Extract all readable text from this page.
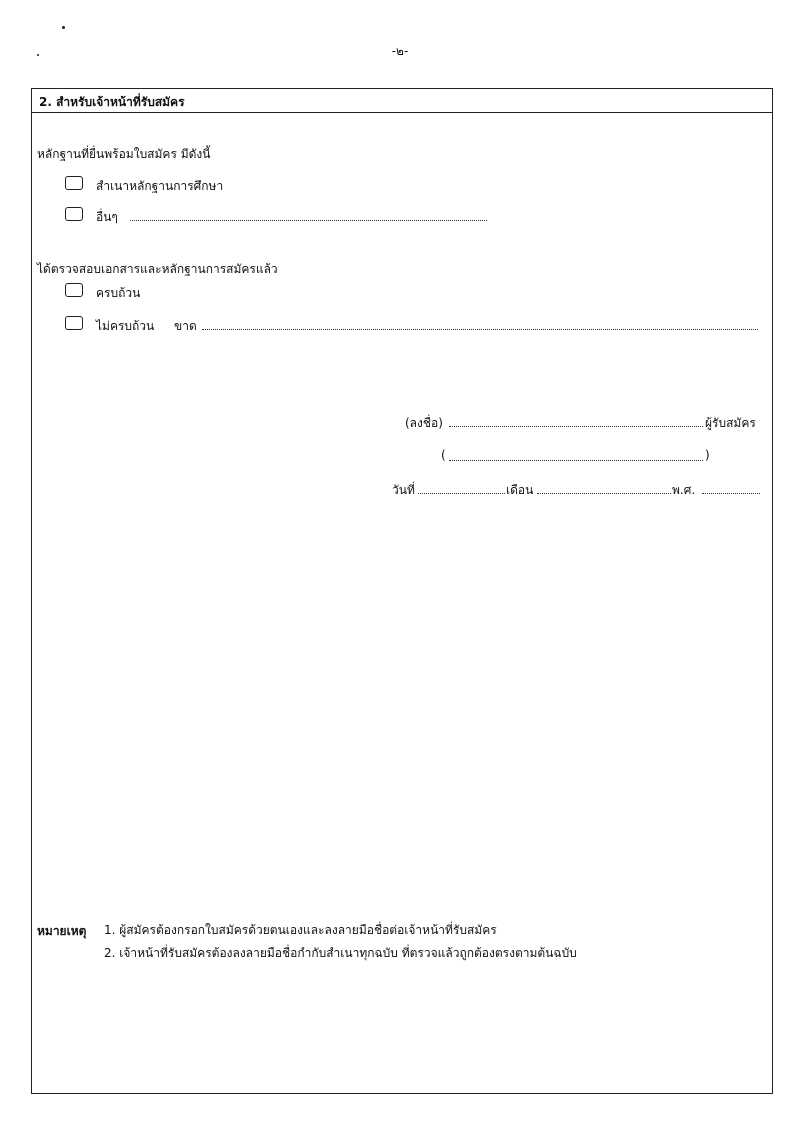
-๒-
2. สำหรับเจ้าหน้าที่รับสมัคร
หลักฐานที่ยื่นพร้อมใบสมัคร มีดังนี้
สำเนาหลักฐานการศึกษา
อื่นๆ
ได้ตรวจสอบเอกสารและหลักฐานการสมัครแล้ว
ครบถ้วน
ไม่ครบถ้วน ขาด
(ลงชื่อ)	ผู้รับสมัคร
(	)
วันที่	เดือน	พ.ศ.
หมายเหตุ 1. ผู้สมัครต้องกรอกใบสมัครด้วยตนเองและลงลายมือชื่อต่อเจ้าหน้าที่รับสมัคร
2. เจ้าหน้าที่รับสมัครต้องลงลายมือชื่อกำกับสำเนาทุกฉบับ ที่ตรวจแล้วถูกต้องตรงตามต้นฉบับ
